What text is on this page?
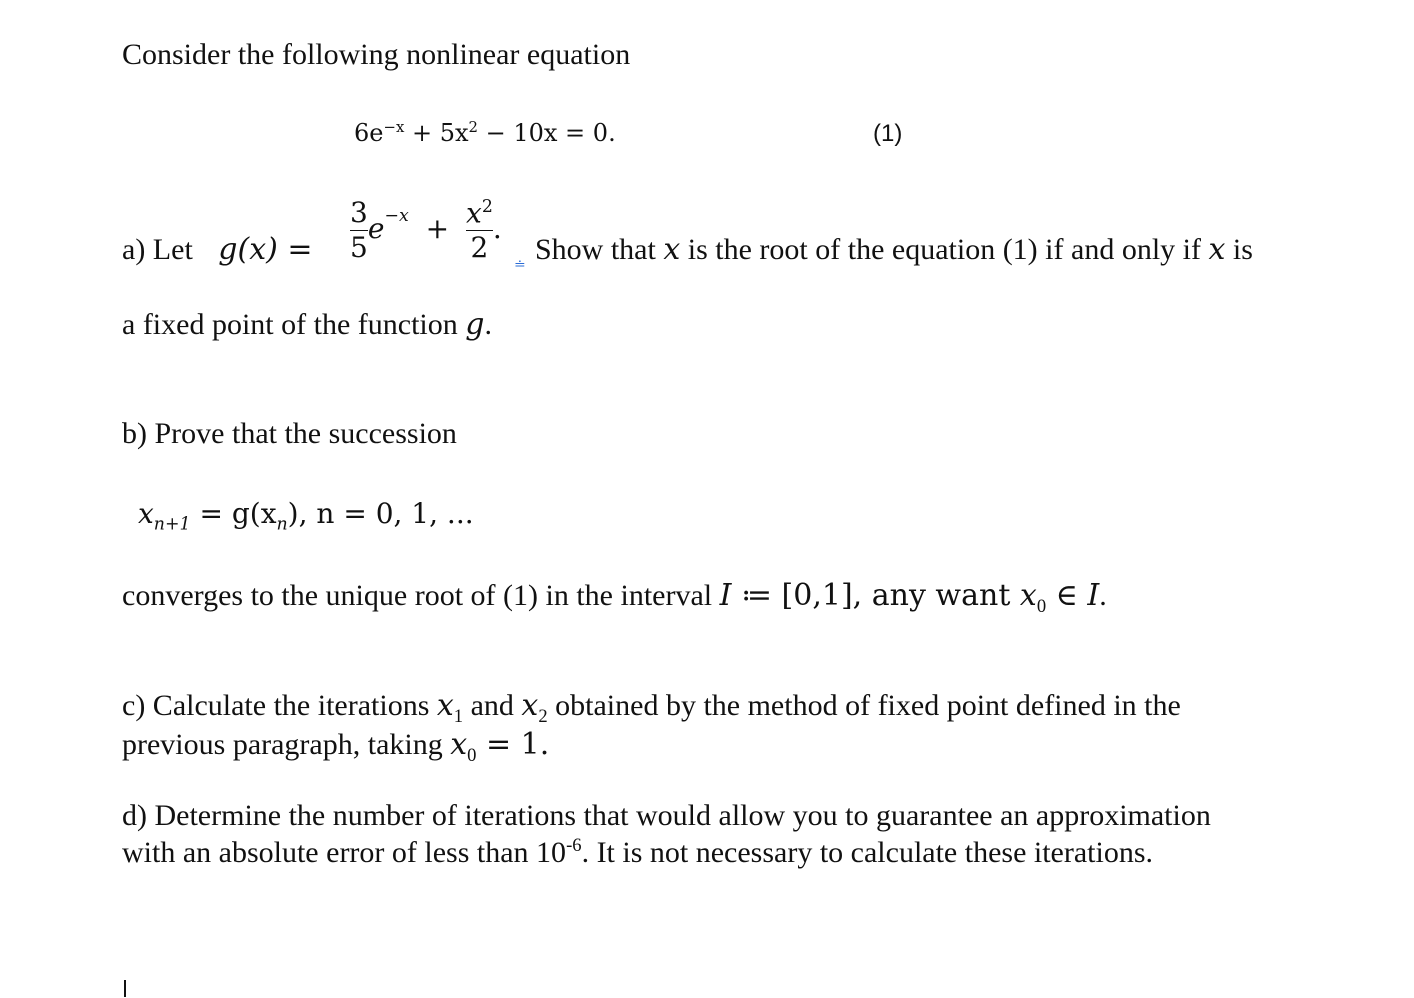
Consider the following nonlinear equation
$6e^{-x} + 5x^2 - 10x = 0$.	(1)
a) Let $g(x) = \frac{3}{5} e^{-x} + \frac{x^2}{2}$ .
≐ Show that x is the root of the equation (1) if and only if x is
a fixed point of the function g.
b) Prove that the succession
$x_{n+1} = g(x_n)$, n = 0, 1, ...
converges to the unique root of (1) in the interval I ≔ [0,1], any want $x_0$ ∈ I.
c) Calculate the iterations $x_1$ and $x_2$ obtained by the method of fixed point defined in the
previous paragraph, taking $x_0 = 1$.
d) Determine the number of iterations that would allow you to guarantee an approximation
with an absolute error of less than $10^{-6}$. It is not necessary to calculate these iterations.
